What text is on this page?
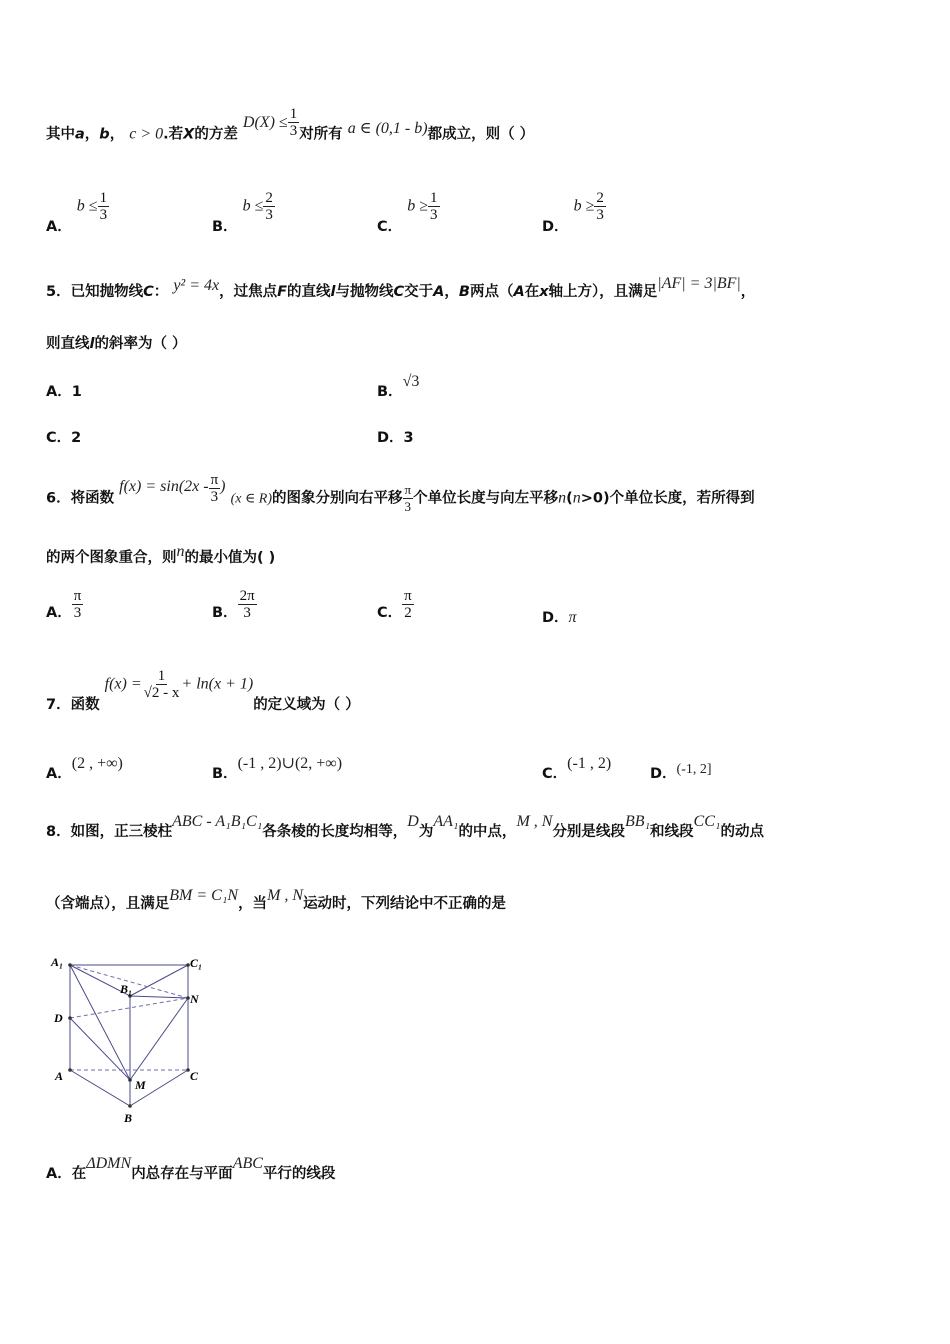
其中a，b， c > 0.若X的方差 $D(X) \le \frac{1}{3}$ 对所有 a ∈ (0,1 - b)都成立，则（ ）
A． $b \le \frac{1}{3}$
B． $b \le \frac{2}{3}$
C． $b \ge \frac{1}{3}$
D． $b \ge \frac{2}{3}$
5．已知抛物线C： y² = 4x，过焦点F的直线l与抛物线C交于A，B两点（A在x轴上方），且满足|AF| = 3|BF|，
则直线l的斜率为（ ）
A．1	B．√3
C．2	D．3
6．将函数 $f(x) = \sin(2x - \frac{\pi}{3}$ ) (x ∈ R)的图象分别向右平移 $\frac{\pi}{3}$ 个单位长度与向左平移n(n>0)个单位长度，若所得到
的两个图象重合，则n的最小值为( )
A． $\frac{\pi}{3}$	B． $\frac{2\pi}{3}$	C． $\frac{\pi}{2}$	D．π
7．函数 $f(x) = \frac{1}{√2 - x} + \ln(x + 1)$的定义域为（ ）
A．(2 , +∞)
B．(-1 , 2)∪(2, +∞)
C．(-1 , 2)
D．(-1, 2]
8．如图，正三棱柱ABC - A₁B₁C₁各条棱的长度均相等，D为AA₁的中点，M , N分别是线段BB₁和线段CC₁的动点
（含端点），且满足BM = C₁N，当M , N运动时，下列结论中不正确的是
A₁	C₁
B₁
N
D
A	C
M
B
A．在ΔDMN内总存在与平面ABC平行的线段
